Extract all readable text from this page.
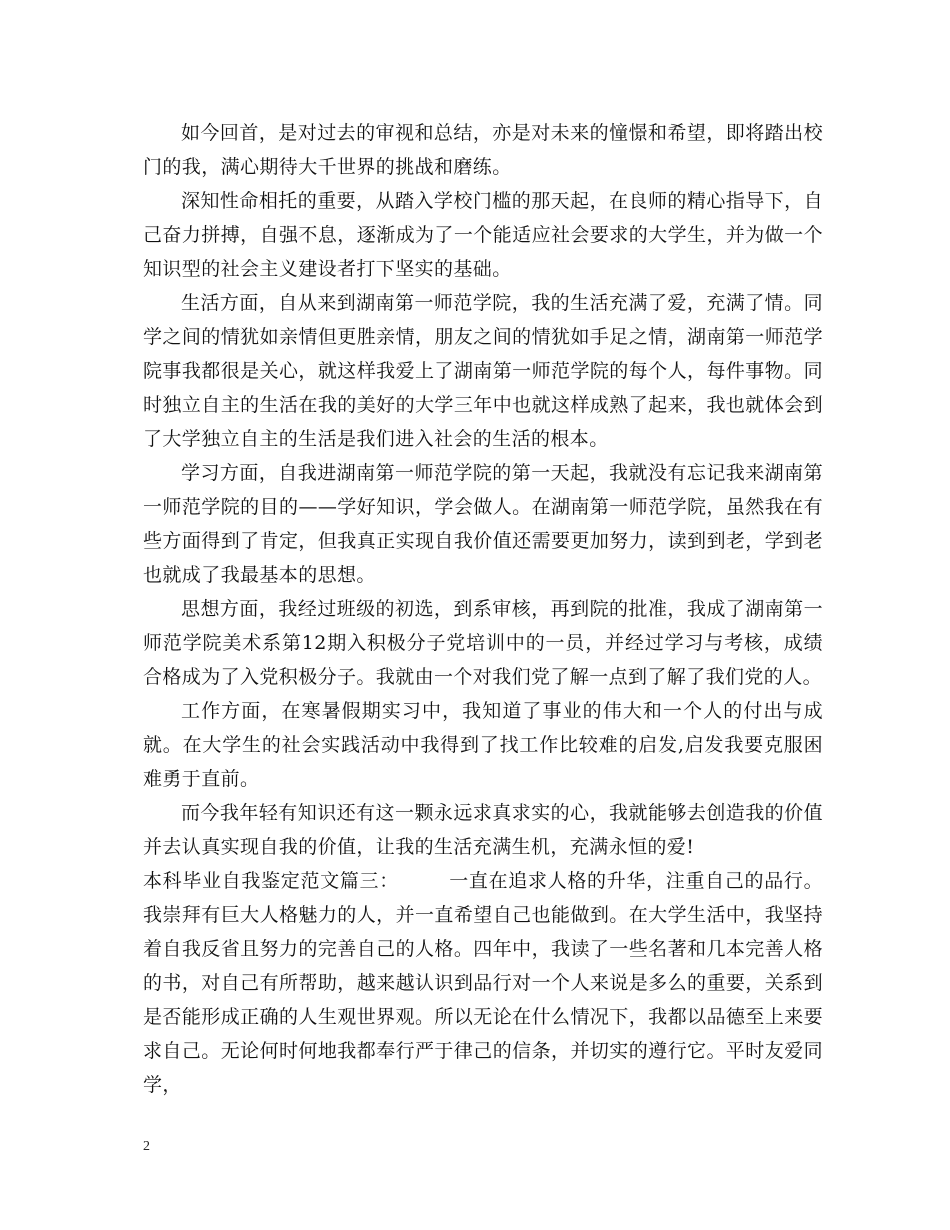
如今回首，是对过去的审视和总结，亦是对未来的憧憬和希望，即将踏出校门的我，满心期待大千世界的挑战和磨练。

深知性命相托的重要，从踏入学校门槛的那天起，在良师的精心指导下，自己奋力拼搏，自强不息，逐渐成为了一个能适应社会要求的大学生，并为做一个知识型的社会主义建设者打下坚实的基础。

生活方面，自从来到湖南第一师范学院，我的生活充满了爱，充满了情。同学之间的情犹如亲情但更胜亲情，朋友之间的情犹如手足之情，湖南第一师范学院事我都很是关心，就这样我爱上了湖南第一师范学院的每个人，每件事物。同时独立自主的生活在我的美好的大学三年中也就这样成熟了起来，我也就体会到了大学独立自主的生活是我们进入社会的生活的根本。

学习方面，自我进湖南第一师范学院的第一天起，我就没有忘记我来湖南第一师范学院的目的——学好知识，学会做人。在湖南第一师范学院，虽然我在有些方面得到了肯定，但我真正实现自我价值还需要更加努力，读到到老，学到老也就成了我最基本的思想。

思想方面，我经过班级的初选，到系审核，再到院的批准，我成了湖南第一师范学院美术系第12期入积极分子党培训中的一员，并经过学习与考核，成绩合格成为了入党积极分子。我就由一个对我们党了解一点到了解了我们党的人。

工作方面，在寒暑假期实习中，我知道了事业的伟大和一个人的付出与成就。在大学生的社会实践活动中我得到了找工作比较难的启发,启发我要克服困难勇于直前。

而今我年轻有知识还有这一颗永远求真求实的心，我就能够去创造我的价值并去认真实现自我的价值，让我的生活充满生机，充满永恒的爱!

本科毕业自我鉴定范文篇三：	一直在追求人格的升华，注重自己的品行。我崇拜有巨大人格魅力的人，并一直希望自己也能做到。在大学生活中，我坚持着自我反省且努力的完善自己的人格。四年中，我读了一些名著和几本完善人格的书，对自己有所帮助，越来越认识到品行对一个人来说是多么的重要，关系到是否能形成正确的人生观世界观。所以无论在什么情况下，我都以品德至上来要求自己。无论何时何地我都奉行严于律己的信条，并切实的遵行它。平时友爱同学，

2
